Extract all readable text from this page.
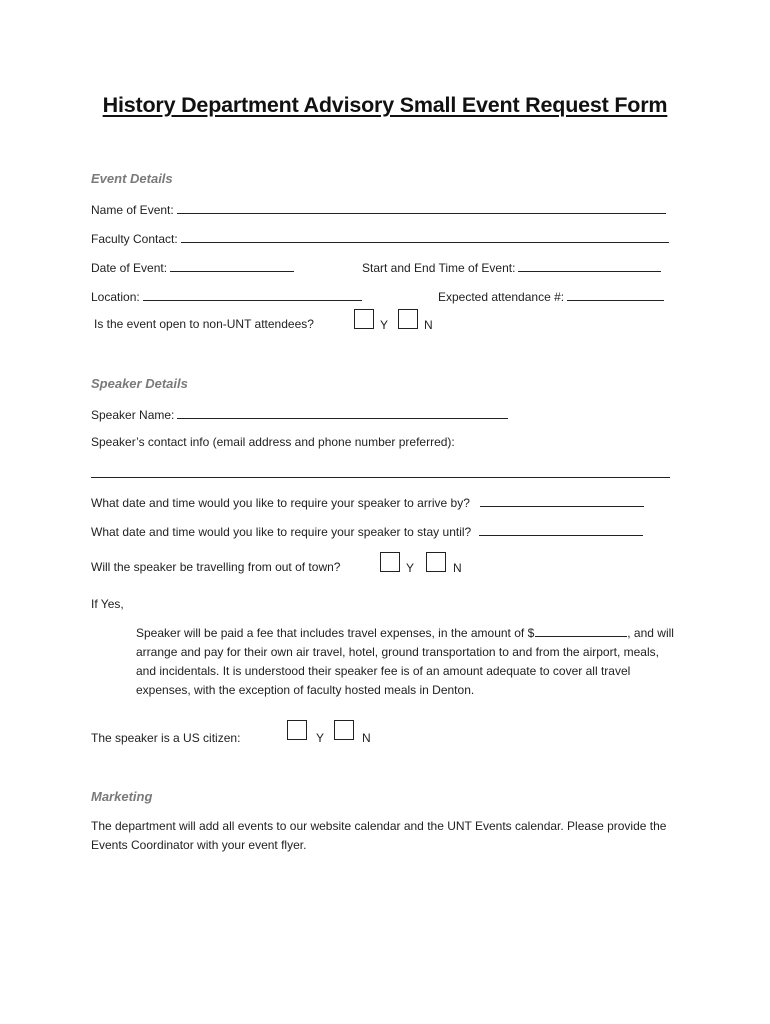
History Department Advisory Small Event Request Form
Event Details
Name of Event:
Faculty Contact:
Date of Event:	Start and End Time of Event:
Location:	Expected attendance #:
Is the event open to non-UNT attendees?	Y	N
Speaker Details
Speaker Name:
Speaker’s contact info (email address and phone number preferred):
What date and time would you like to require your speaker to arrive by?
What date and time would you like to require your speaker to stay until?
Will the speaker be travelling from out of town?	Y	N
If Yes,
Speaker will be paid a fee that includes travel expenses, in the amount of $	, and will arrange and pay for their own air travel, hotel, ground transportation to and from the airport, meals, and incidentals. It is understood their speaker fee is of an amount adequate to cover all travel expenses, with the exception of faculty hosted meals in Denton.
The speaker is a US citizen:	Y	N
Marketing
The department will add all events to our website calendar and the UNT Events calendar. Please provide the Events Coordinator with your event flyer.
